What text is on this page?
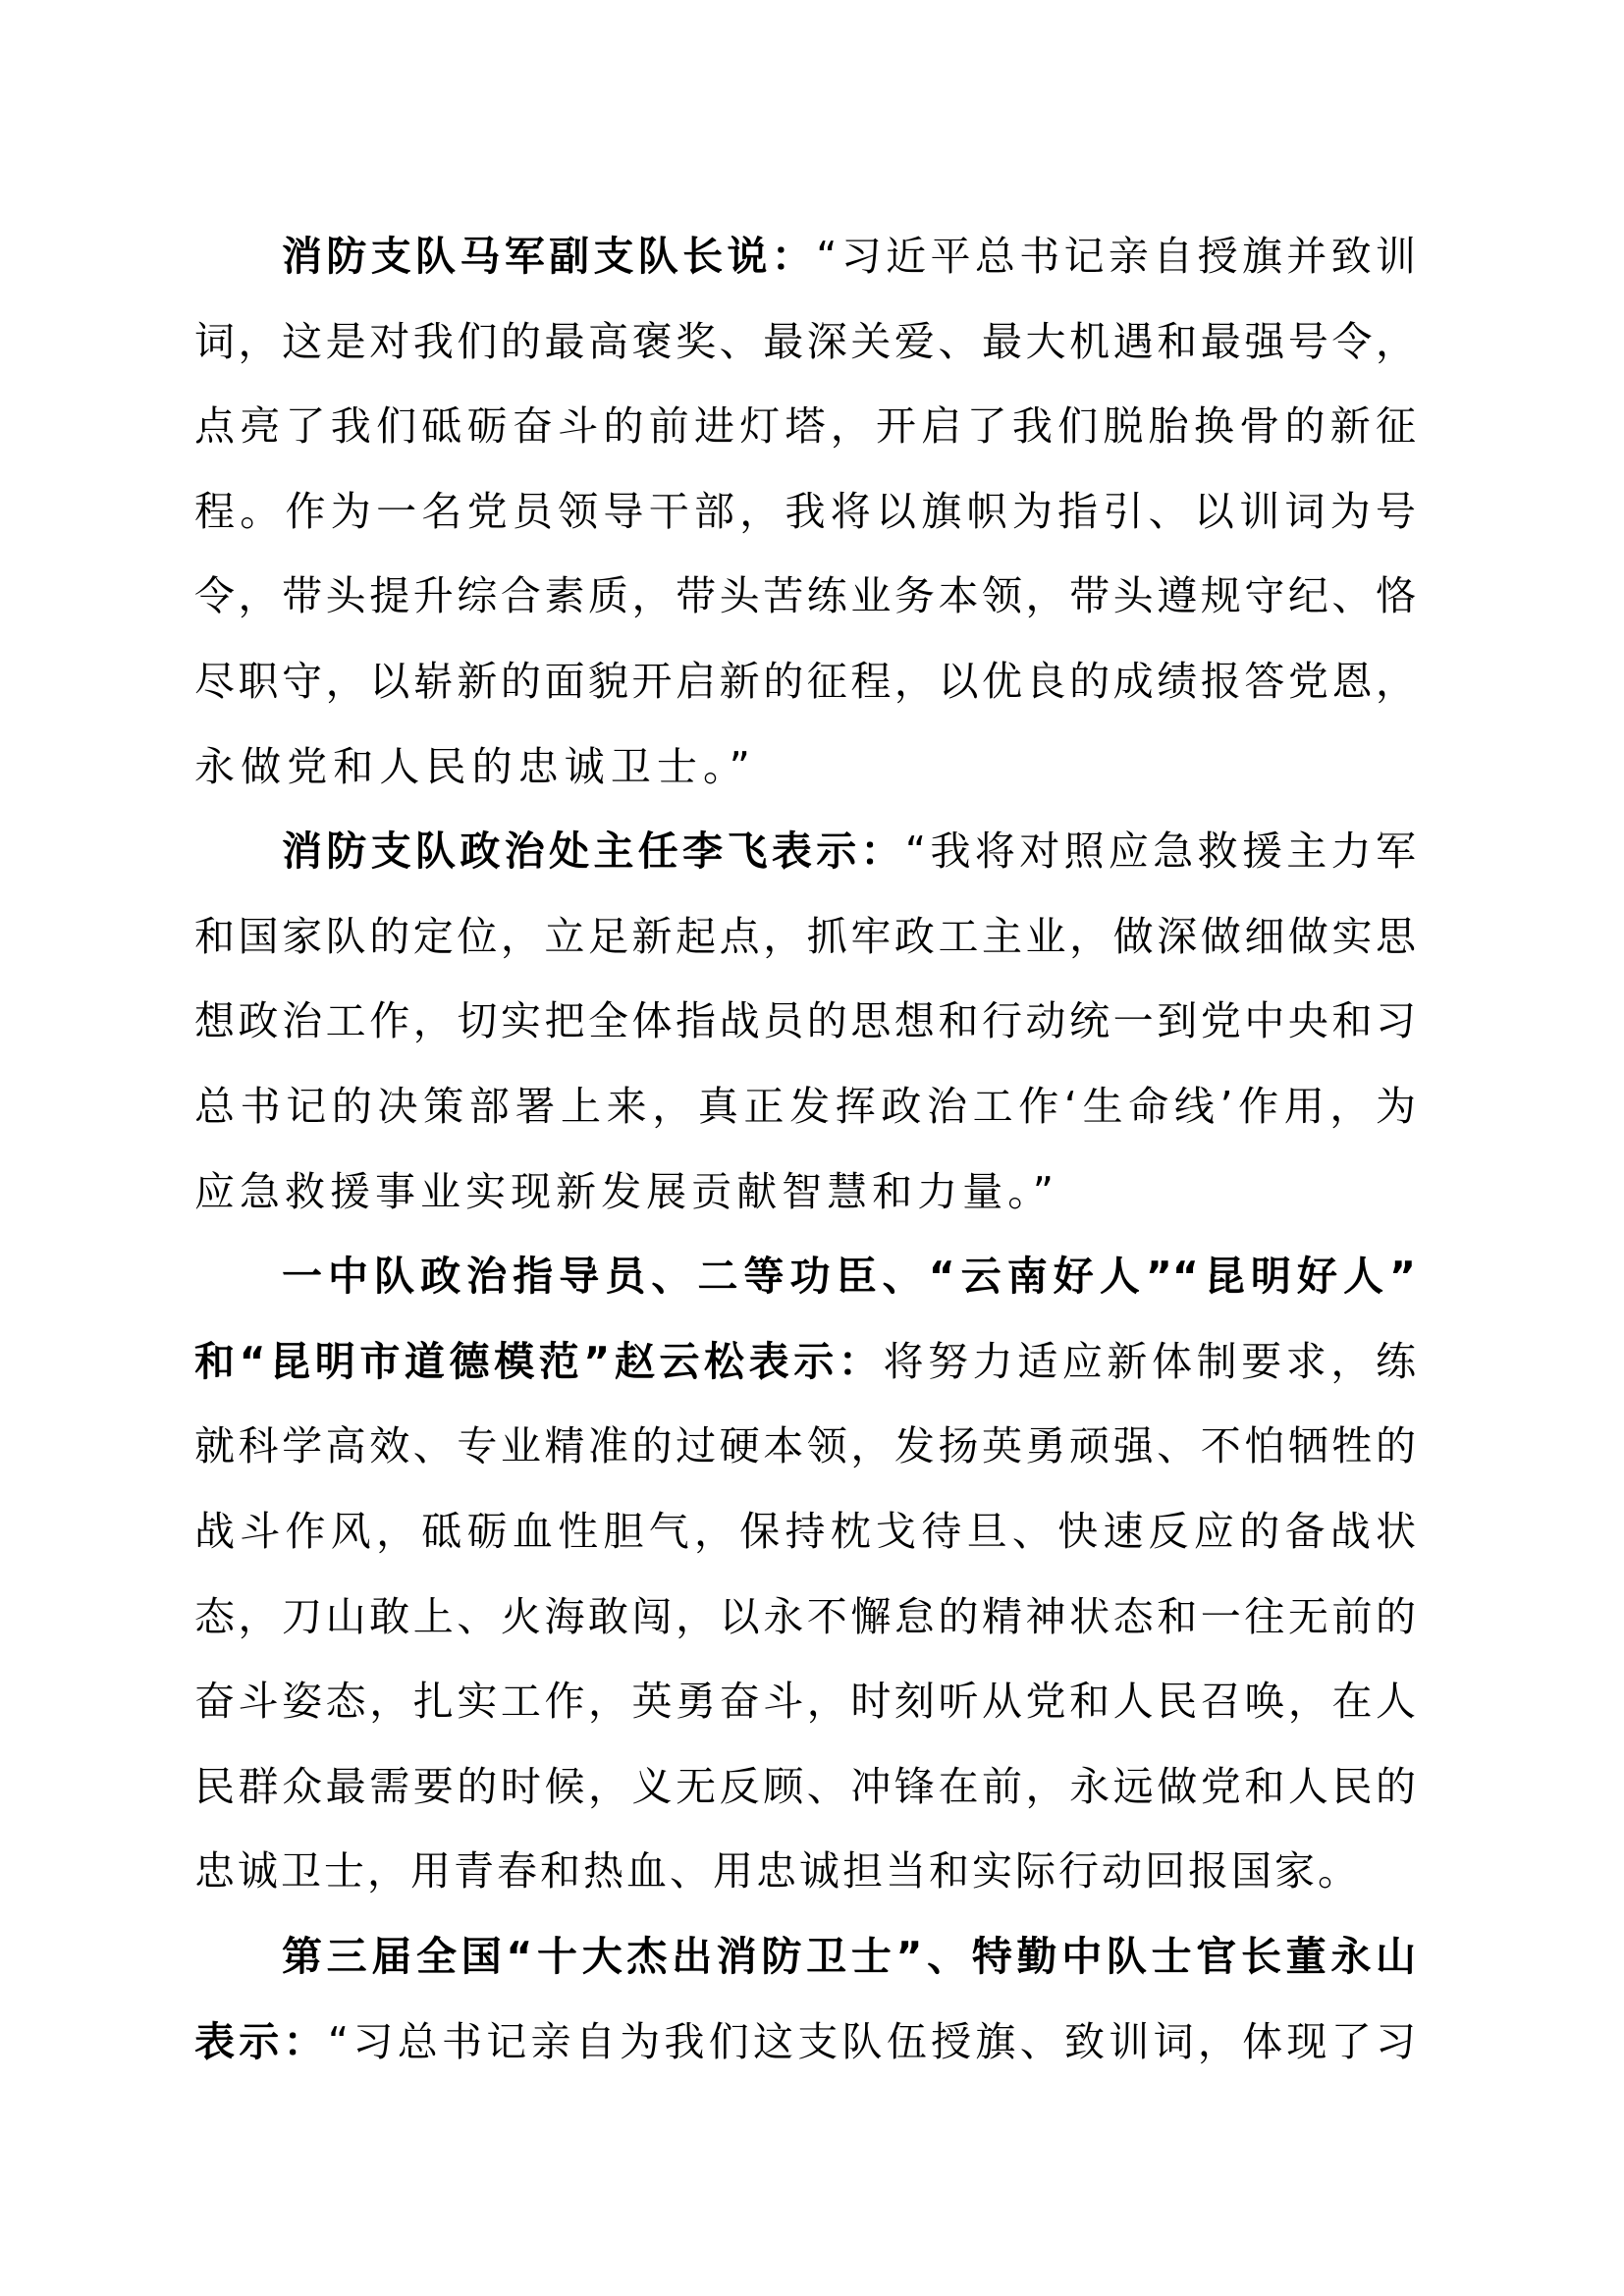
消防支队马军副支队长说：“习近平总书记亲自授旗并致训
词，这是对我们的最高褒奖、最深关爱、最大机遇和最强号令，
点亮了我们砥砺奋斗的前进灯塔，开启了我们脱胎换骨的新征
程。作为一名党员领导干部，我将以旗帜为指引、以训词为号
令，带头提升综合素质，带头苦练业务本领，带头遵规守纪、恪
尽职守，以崭新的面貌开启新的征程，以优良的成绩报答党恩，
永做党和人民的忠诚卫士。”
消防支队政治处主任李飞表示：“我将对照应急救援主力军
和国家队的定位，立足新起点，抓牢政工主业，做深做细做实思
想政治工作，切实把全体指战员的思想和行动统一到党中央和习
总书记的决策部署上来，真正发挥政治工作‘生命线’作用，为
应急救援事业实现新发展贡献智慧和力量。”
一中队政治指导员、二等功臣、“云南好人”“昆明好人”
和“昆明市道德模范”赵云松表示：将努力适应新体制要求，练
就科学高效、专业精准的过硬本领，发扬英勇顽强、不怕牺牲的
战斗作风，砥砺血性胆气，保持枕戈待旦、快速反应的备战状
态，刀山敢上、火海敢闯，以永不懈怠的精神状态和一往无前的
奋斗姿态，扎实工作，英勇奋斗，时刻听从党和人民召唤，在人
民群众最需要的时候，义无反顾、冲锋在前，永远做党和人民的
忠诚卫士，用青春和热血、用忠诚担当和实际行动回报国家。
第三届全国“十大杰出消防卫士”、特勤中队士官长董永山
表示：“习总书记亲自为我们这支队伍授旗、致训词，体现了习
